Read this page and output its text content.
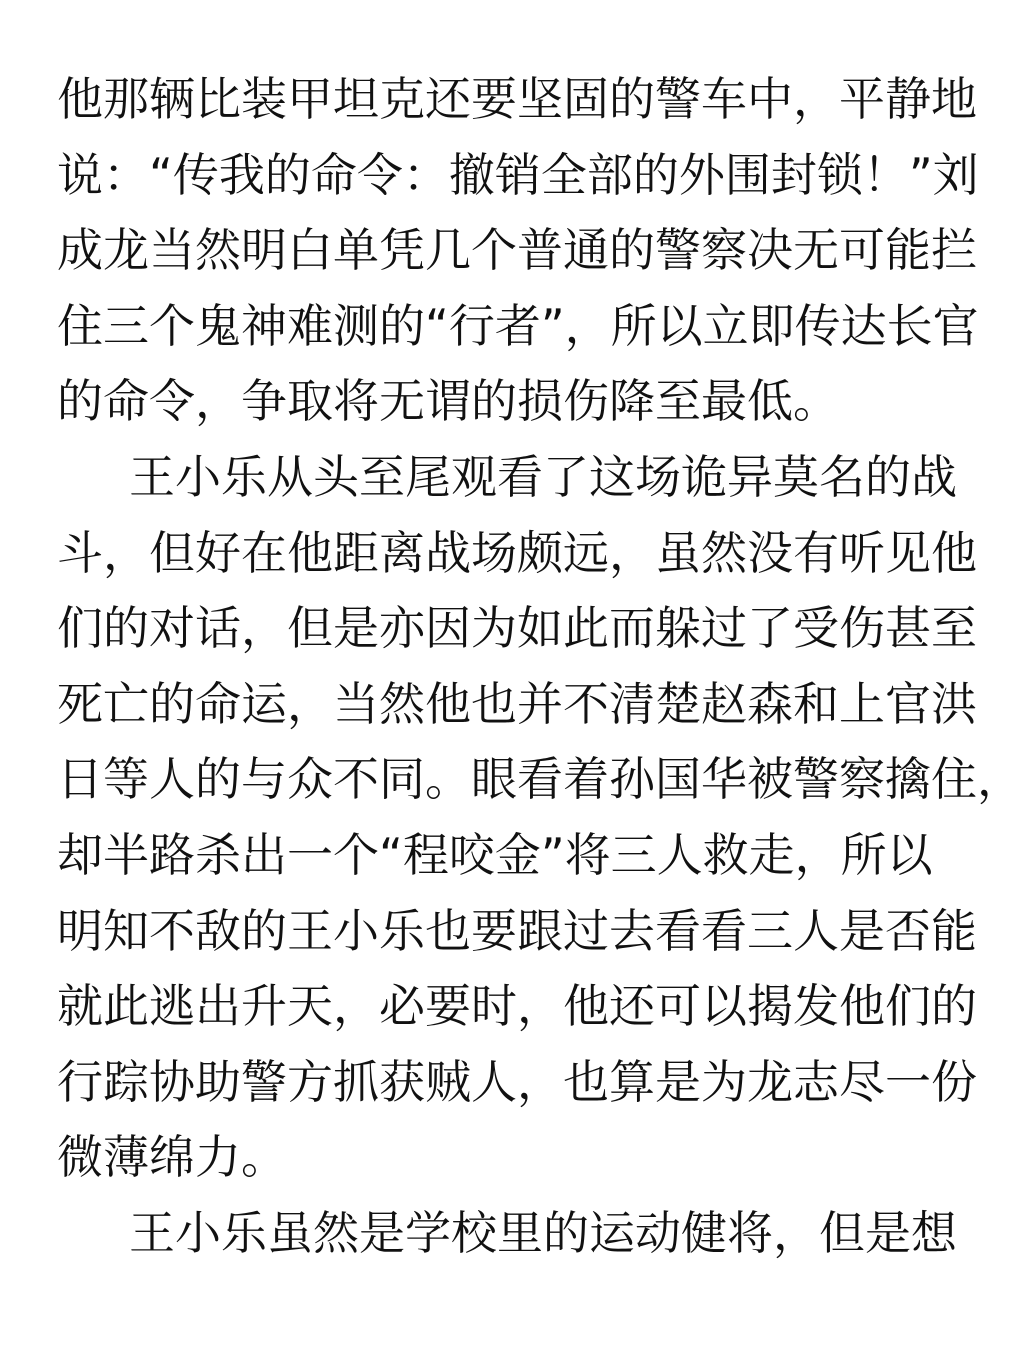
他那辆比装甲坦克还要坚固的警车中，平静地
说：“传我的命令：撤销全部的外围封锁！”刘
成龙当然明白单凭几个普通的警察决无可能拦
住三个鬼神难测的“行者”，所以立即传达长官
的命令，争取将无谓的损伤降至最低。
王小乐从头至尾观看了这场诡异莫名的战
斗，但好在他距离战场颇远，虽然没有听见他
们的对话，但是亦因为如此而躲过了受伤甚至
死亡的命运，当然他也并不清楚赵森和上官洪
日等人的与众不同。眼看着孙国华被警察擒住，
却半路杀出一个“程咬金”将三人救走，所以
明知不敌的王小乐也要跟过去看看三人是否能
就此逃出升天，必要时，他还可以揭发他们的
行踪协助警方抓获贼人，也算是为龙志尽一份
微薄绵力。
王小乐虽然是学校里的运动健将，但是想
